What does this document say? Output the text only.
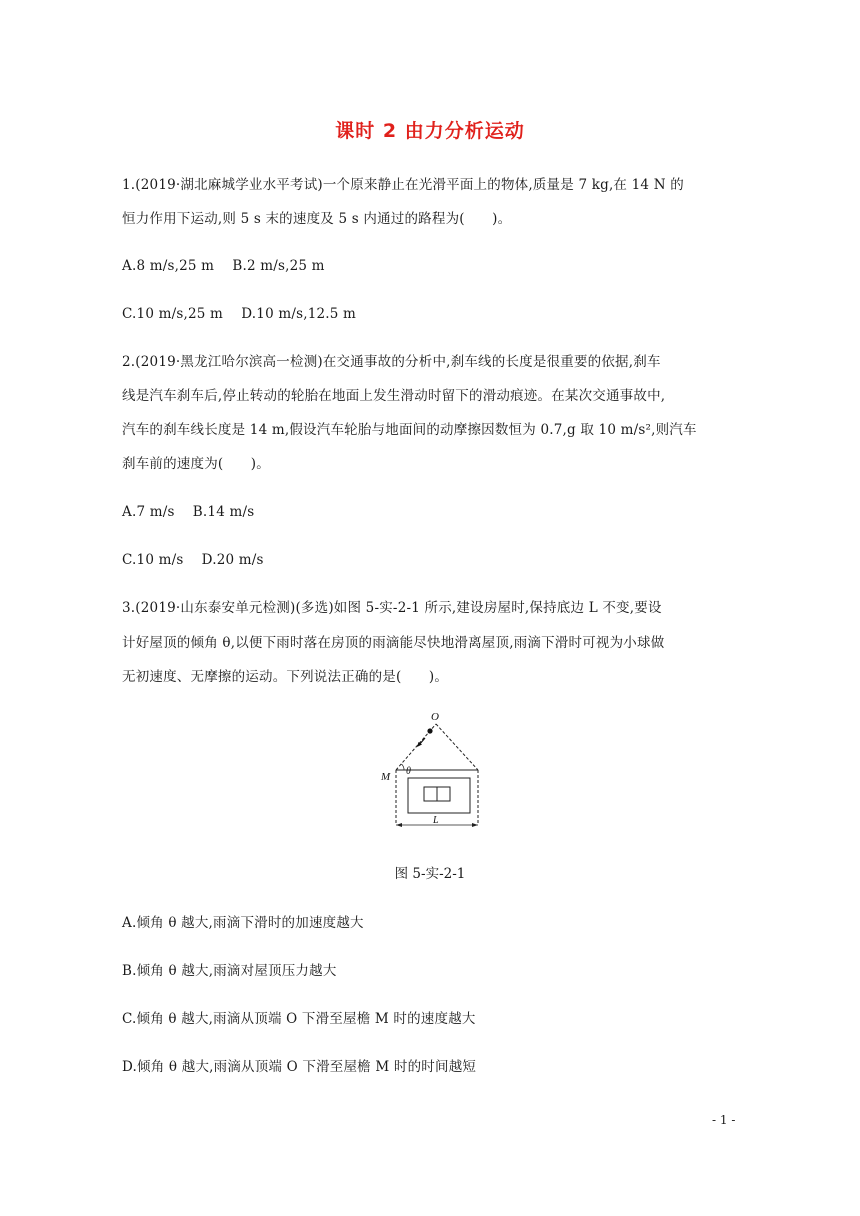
课时 2 由力分析运动
1.(2019·湖北麻城学业水平考试)一个原来静止在光滑平面上的物体,质量是 7 kg,在 14 N 的
恒力作用下运动,则 5 s 末的速度及 5 s 内通过的路程为(　　)。
A.8 m/s,25 m　 B.2 m/s,25 m
C.10 m/s,25 m　 D.10 m/s,12.5 m
2.(2019·黑龙江哈尔滨高一检测)在交通事故的分析中,刹车线的长度是很重要的依据,刹车
线是汽车刹车后,停止转动的轮胎在地面上发生滑动时留下的滑动痕迹。在某次交通事故中,
汽车的刹车线长度是 14 m,假设汽车轮胎与地面间的动摩擦因数恒为 0.7,g 取 10 m/s²,则汽车
刹车前的速度为(　　)。
A.7 m/s　 B.14 m/s
C.10 m/s　 D.20 m/s
3.(2019·山东泰安单元检测)(多选)如图 5-实-2-1 所示,建设房屋时,保持底边 L 不变,要设
计好屋顶的倾角 θ,以便下雨时落在房顶的雨滴能尽快地滑离屋顶,雨滴下滑时可视为小球做
无初速度、无摩擦的运动。下列说法正确的是(　　)。
O
M θ
L
图 5-实-2-1
A.倾角 θ 越大,雨滴下滑时的加速度越大
B.倾角 θ 越大,雨滴对屋顶压力越大
C.倾角 θ 越大,雨滴从顶端 O 下滑至屋檐 M 时的速度越大
D.倾角 θ 越大,雨滴从顶端 O 下滑至屋檐 M 时的时间越短
- 1 -
